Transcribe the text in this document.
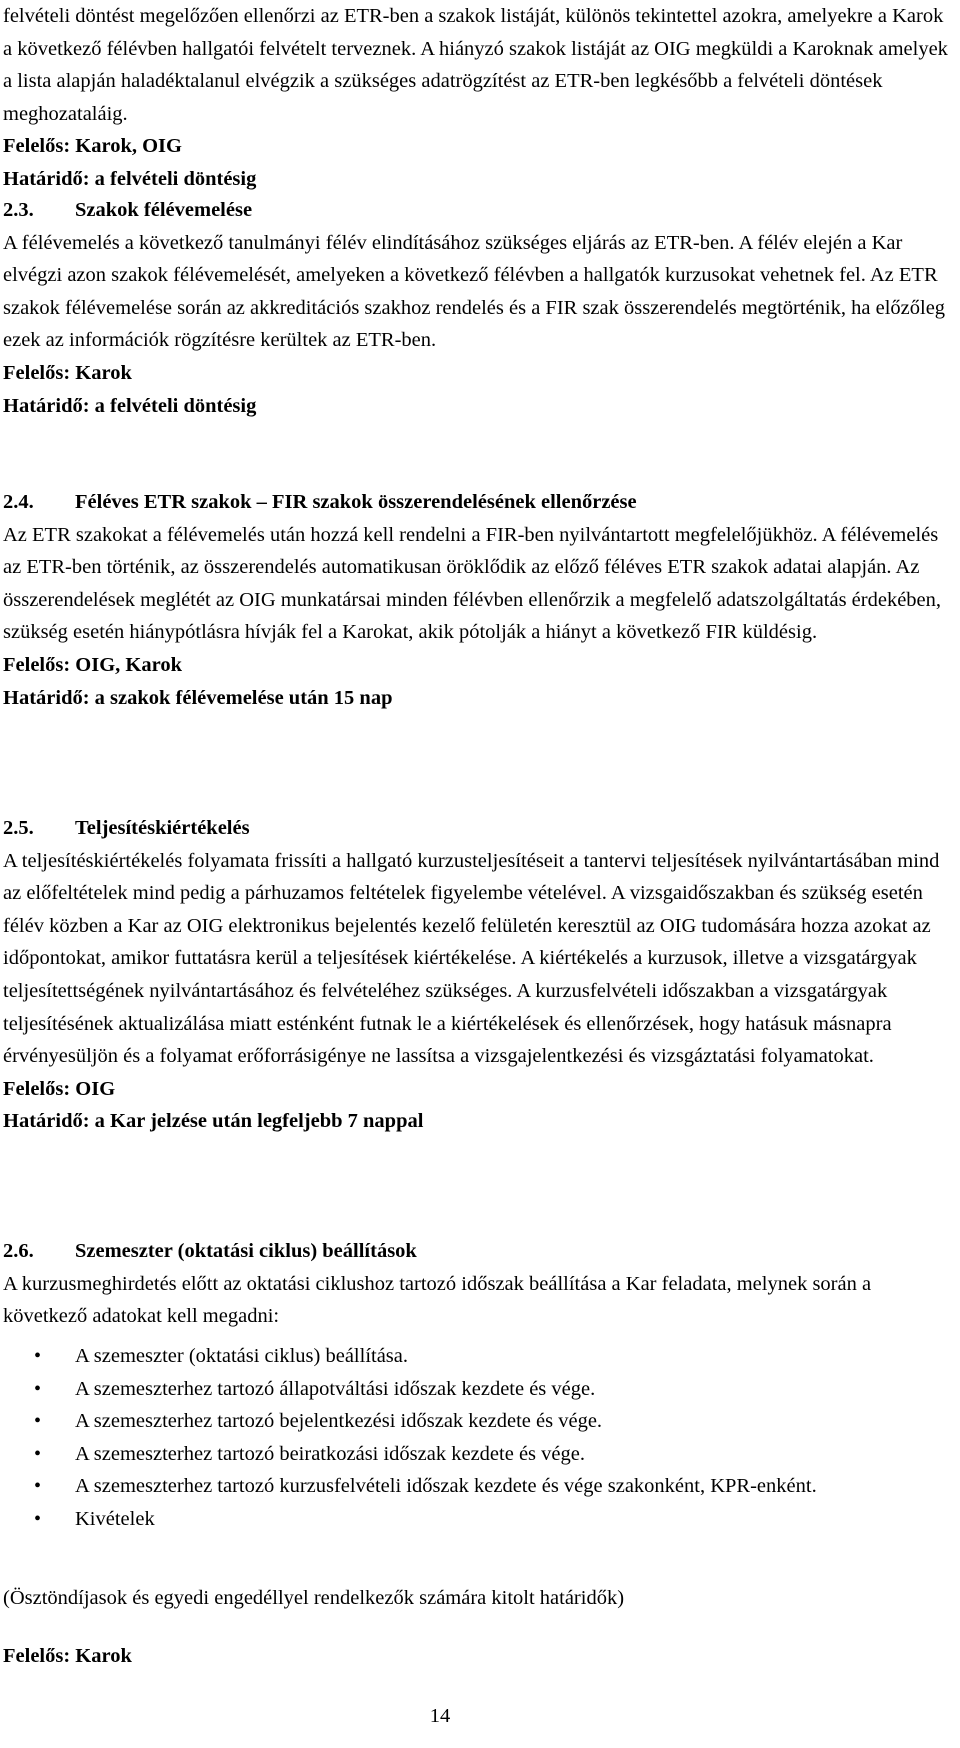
felvételi döntést megelőzően ellenőrzi az ETR-ben a szakok listáját, különös tekintettel azokra, amelyekre a Karok a következő félévben hallgatói felvételt terveznek. A hiányzó szakok listáját az OIG megküldi a Karoknak amelyek a lista alapján haladéktalanul elvégzik a szükséges adatrögzítést az ETR-ben legkésőbb a felvételi döntések meghozataláig.

Felelős: Karok, OIG

Határidő: a felvételi döntésig

2.3.	Szakok félévemelése

A félévemelés a következő tanulmányi félév elindításához szükséges eljárás az ETR-ben. A félév elején a Kar elvégzi azon szakok félévemelését, amelyeken a következő félévben a hallgatók kurzusokat vehetnek fel. Az ETR szakok félévemelése során az akkreditációs szakhoz rendelés és a FIR szak összerendelés megtörténik, ha előzőleg ezek az információk rögzítésre kerültek az ETR-ben.

Felelős: Karok

Határidő: a felvételi döntésig

2.4.	Féléves ETR szakok – FIR szakok összerendelésének ellenőrzése

Az ETR szakokat a félévemelés után hozzá kell rendelni a FIR-ben nyilvántartott megfelelőjükhöz. A félévemelés az ETR-ben történik, az összerendelés automatikusan öröklődik az előző féléves ETR szakok adatai alapján. Az összerendelések meglétét az OIG munkatársai minden félévben ellenőrzik a megfelelő adatszolgáltatás érdekében, szükség esetén hiánypótlásra hívják fel a Karokat, akik pótolják a hiányt a következő FIR küldésig.

Felelős: OIG, Karok

Határidő: a szakok félévemelése után 15 nap

2.5.	Teljesítéskiértékelés

A teljesítéskiértékelés folyamata frissíti a hallgató kurzusteljesítéseit a tantervi teljesítések nyilvántartásában mind az előfeltételek mind pedig a párhuzamos feltételek figyelembe vételével. A vizsgaidőszakban és szükség esetén félév közben a Kar az OIG elektronikus bejelentés kezelő felületén keresztül az OIG tudomására hozza azokat az időpontokat, amikor futtatásra kerül a teljesítések kiértékelése. A kiértékelés a kurzusok, illetve a vizsgatárgyak teljesítettségének nyilvántartásához és felvételéhez szükséges. A kurzusfelvételi időszakban a vizsgatárgyak teljesítésének aktualizálása miatt esténként futnak le a kiértékelések és ellenőrzések, hogy hatásuk másnapra érvényesüljön és a folyamat erőforrásigénye ne lassítsa a vizsgajelentkezési és vizsgáztatási folyamatokat.

Felelős: OIG

Határidő: a Kar jelzése után legfeljebb 7 nappal

2.6.	Szemeszter (oktatási ciklus) beállítások

A kurzusmeghirdetés előtt az oktatási ciklushoz tartozó időszak beállítása a Kar feladata, melynek során a következő adatokat kell megadni:

• A szemeszter (oktatási ciklus) beállítása.
• A szemeszterhez tartozó állapotváltási időszak kezdete és vége.
• A szemeszterhez tartozó bejelentkezési időszak kezdete és vége.
• A szemeszterhez tartozó beiratkozási időszak kezdete és vége.
• A szemeszterhez tartozó kurzusfelvételi időszak kezdete és vége szakonként, KPR-enként.
• Kivételek

(Ösztöndíjasok és egyedi engedéllyel rendelkezők számára kitolt határidők)

Felelős: Karok

14
